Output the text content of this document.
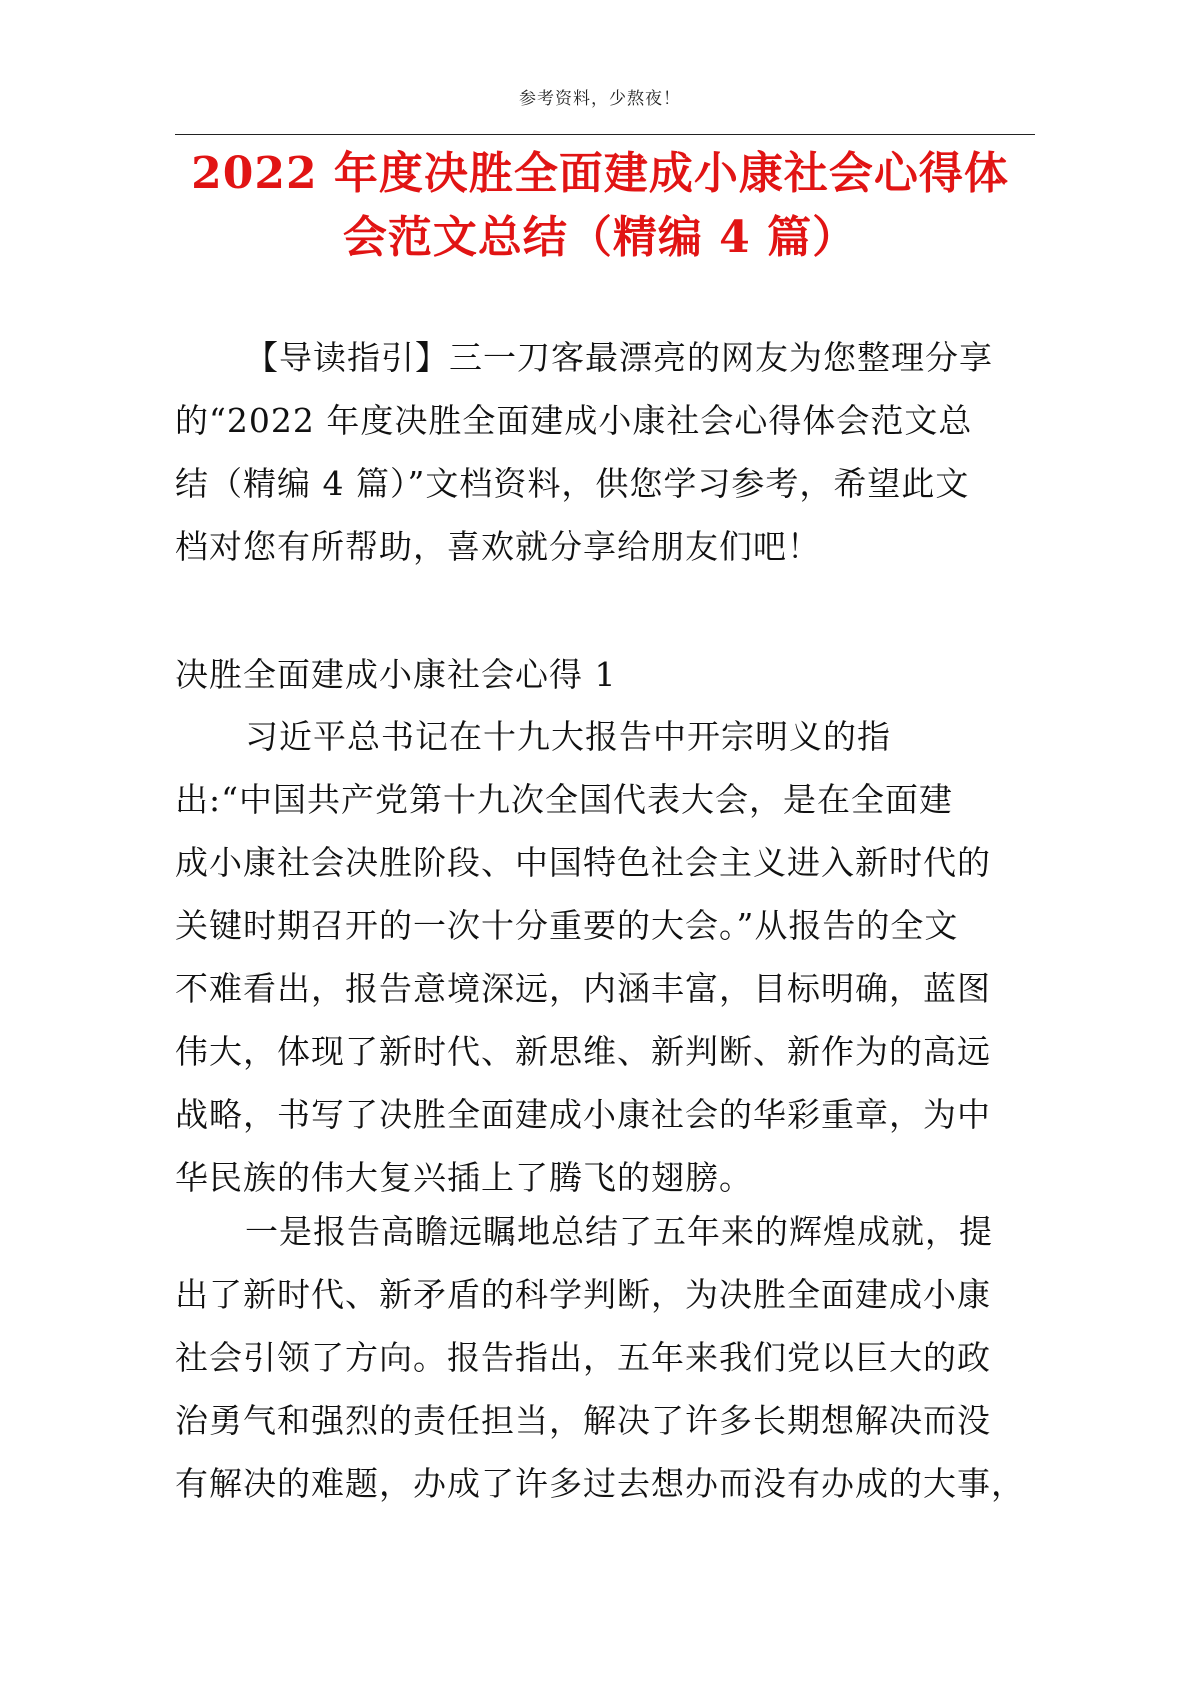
参考资料，少熬夜！
2022 年度决胜全面建成小康社会心得体
会范文总结（精编 4 篇）

【导读指引】三一刀客最漂亮的网友为您整理分享
的“2022 年度决胜全面建成小康社会心得体会范文总
结（精编 4 篇）”文档资料，供您学习参考，希望此文
档对您有所帮助，喜欢就分享给朋友们吧！

决胜全面建成小康社会心得 1

习近平总书记在十九大报告中开宗明义的指
出:“中国共产党第十九次全国代表大会，是在全面建
成小康社会决胜阶段、中国特色社会主义进入新时代的
关键时期召开的一次十分重要的大会。”从报告的全文
不难看出，报告意境深远，内涵丰富，目标明确，蓝图
伟大，体现了新时代、新思维、新判断、新作为的高远
战略，书写了决胜全面建成小康社会的华彩重章，为中
华民族的伟大复兴插上了腾飞的翅膀。

一是报告高瞻远瞩地总结了五年来的辉煌成就，提
出了新时代、新矛盾的科学判断，为决胜全面建成小康
社会引领了方向。报告指出，五年来我们党以巨大的政
治勇气和强烈的责任担当，解决了许多长期想解决而没
有解决的难题，办成了许多过去想办而没有办成的大事，
